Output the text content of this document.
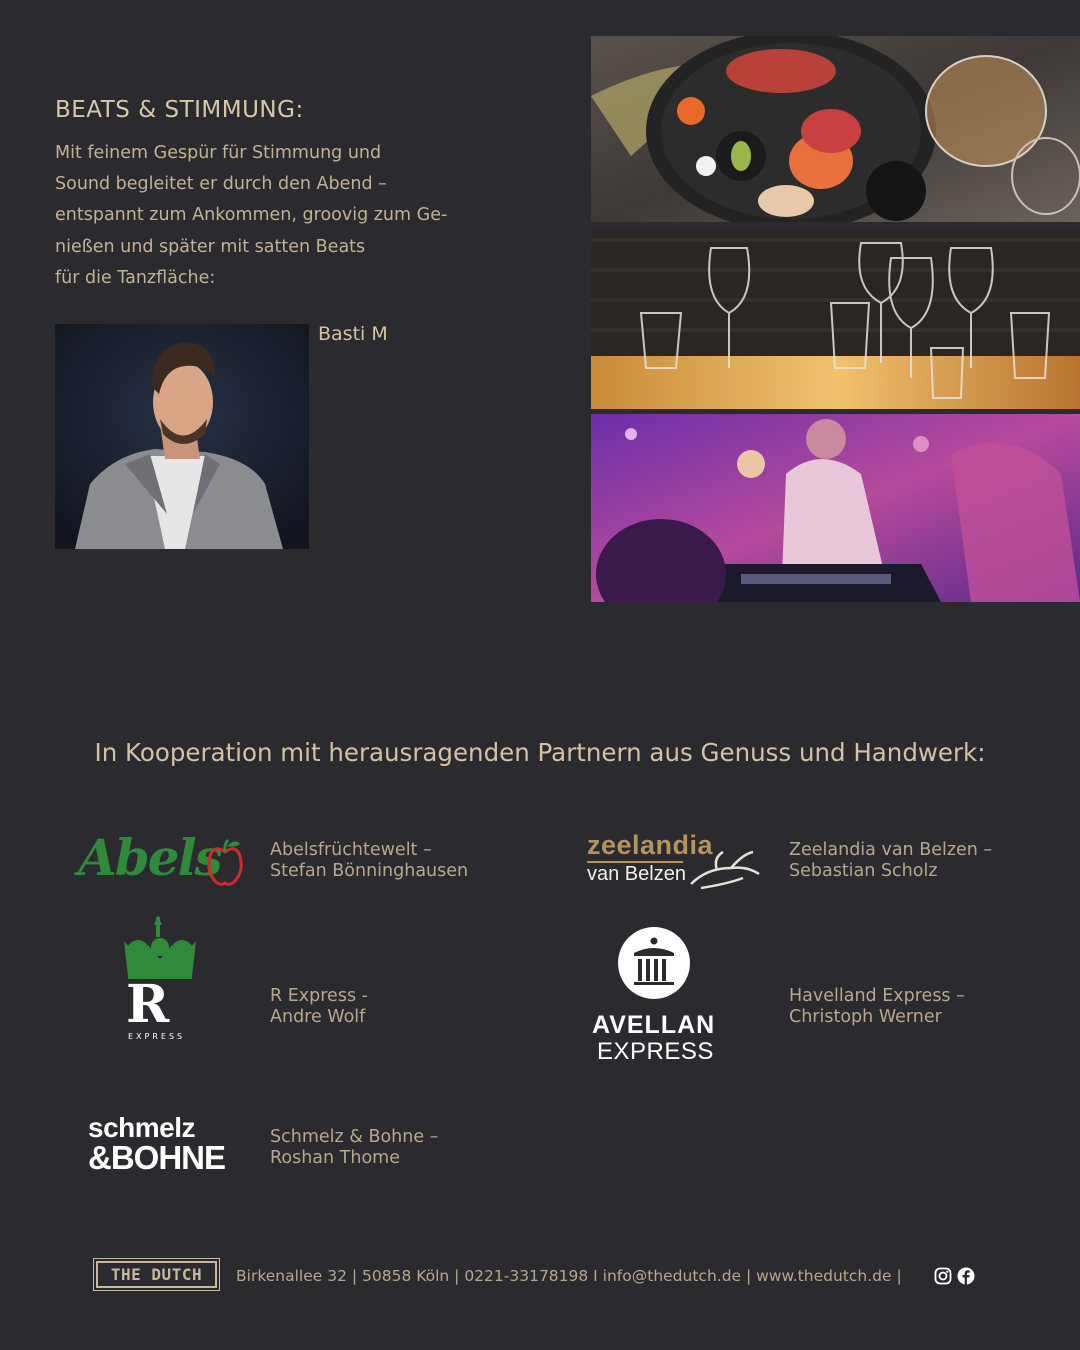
BEATS & STIMMUNG:
Mit feinem Gespür für Stimmung und
Sound begleitet er durch den Abend –
entspannt zum Ankommen, groovig zum Ge-
nießen und später mit satten Beats
für die Tanzfläche:
Basti M
In Kooperation mit herausragenden Partnern aus Genuss und Handwerk:
Abels	Abelsfrüchtewelt –
Stefan Bönninghausen
zeelandia
van Belzen
Zeelandia van Belzen –
Sebastian Scholz
R
EXPRESS
R Express -
Andre Wolf	AVELLAN
EXPRESS
Havelland Express –
Christoph Werner
schmelz
&BOHNE
Schmelz & Bohne –
Roshan Thome
THE DUTCH	Birkenallee 32 | 50858 Köln | 0221-33178198 I info@thedutch.de | www.thedutch.de |
